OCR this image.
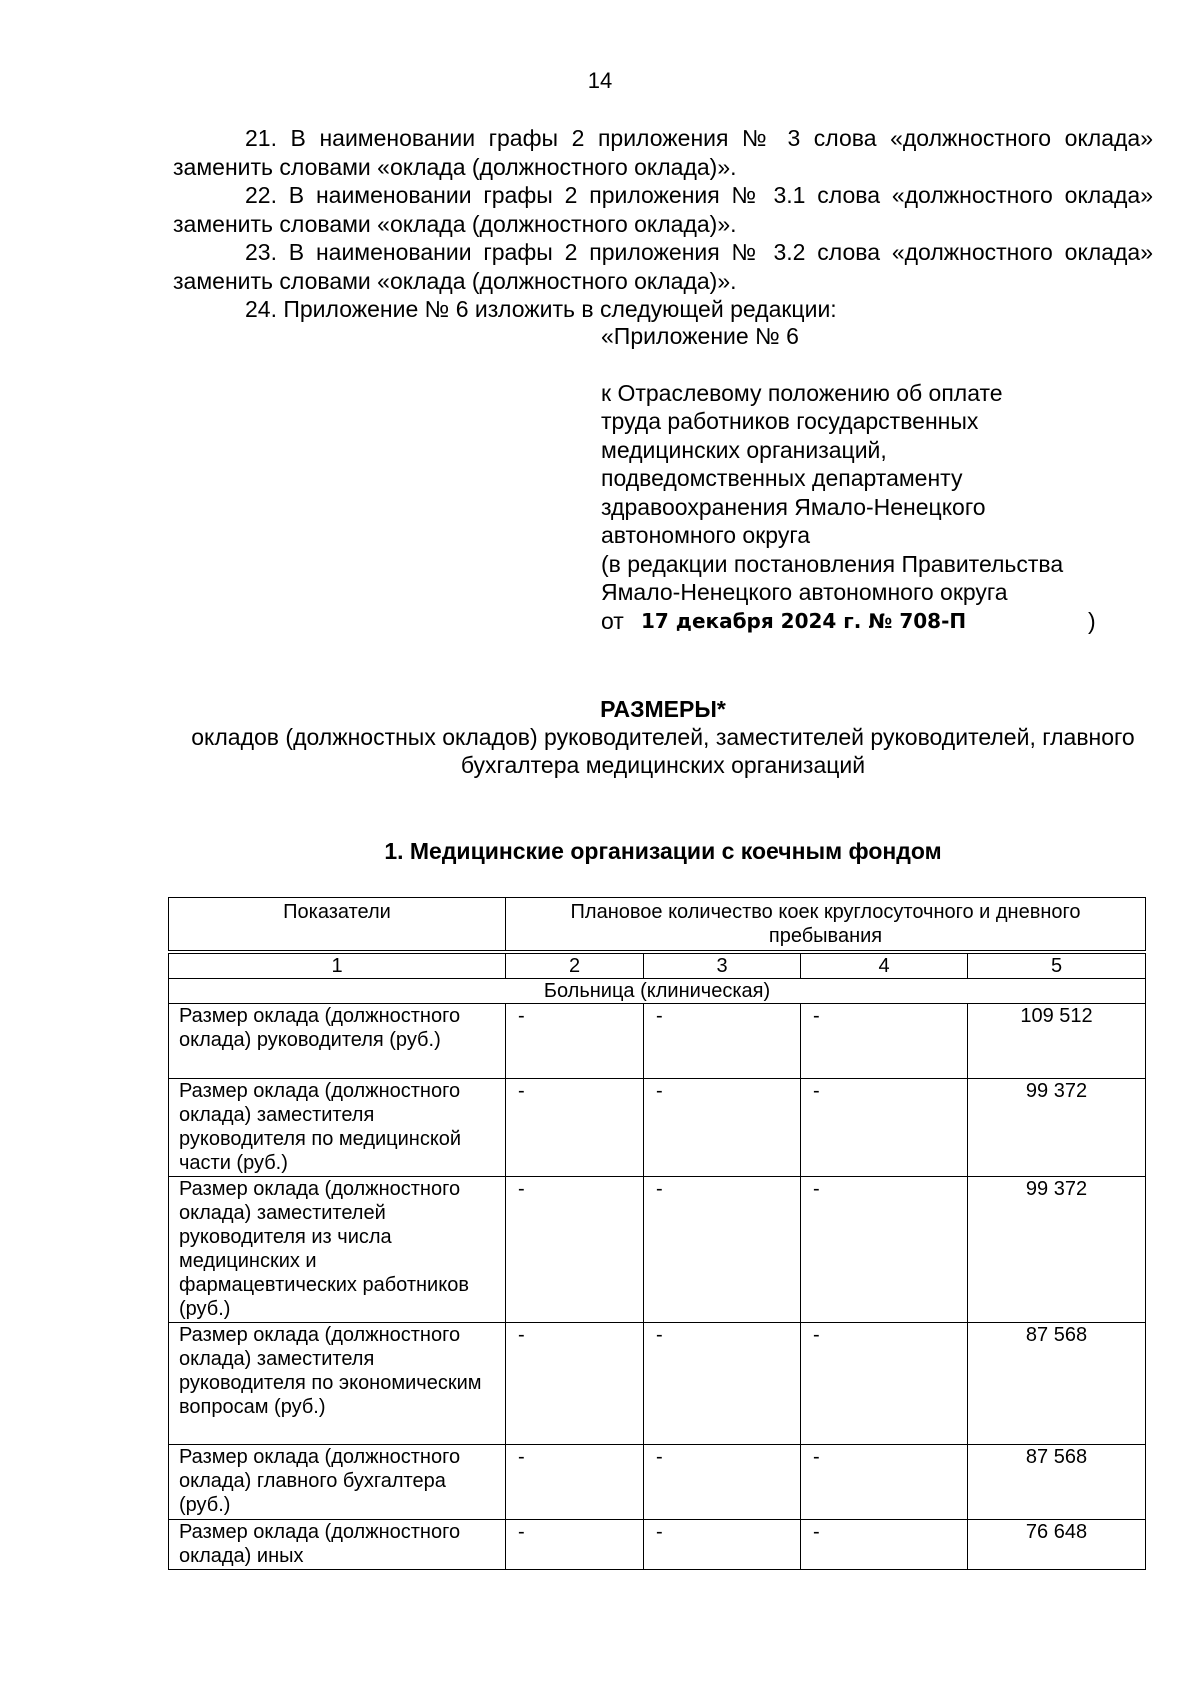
14

21. В наименовании графы 2 приложения № 3 слова «должностного оклада» заменить словами «оклада (должностного оклада)».

22. В наименовании графы 2 приложения № 3.1 слова «должностного оклада» заменить словами «оклада (должностного оклада)».

23. В наименовании графы 2 приложения № 3.2 слова «должностного оклада» заменить словами «оклада (должностного оклада)».

24. Приложение № 6 изложить в следующей редакции:

«Приложение № 6

к Отраслевому положению об оплате

труда работников государственных

медицинских организаций,

подведомственных департаменту

здравоохранения Ямало-Ненецкого

автономного округа

(в редакции постановления Правительства

Ямало-Ненецкого автономного округа

от 17 декабря 2024 г. № 708-П	)

РАЗМЕРЫ*

окладов (должностных окладов) руководителей, заместителей руководителей, главного бухгалтера медицинских организаций

1. Медицинские организации с коечным фондом
Показатели	Плановое количество коек круглосуточного и дневного пребывания			

1	2	3	4	5
Больница (клиническая)				
Размер оклада (должностного оклада) руководителя (руб.)	-	-	-	109 512
Размер оклада (должностного оклада) заместителя руководителя по медицинской части (руб.)	-	-	-	99 372
Размер оклада (должностного оклада) заместителей руководителя из числа медицинских и фармацевтических работников (руб.)	-	-	-	99 372
Размер оклада (должностного оклада) заместителя руководителя по экономическим вопросам (руб.)	-	-	-	87 568
Размер оклада (должностного оклада) главного бухгалтера (руб.)	-	-	-	87 568
Размер оклада (должностного оклада) иных	-	-	-	76 648
